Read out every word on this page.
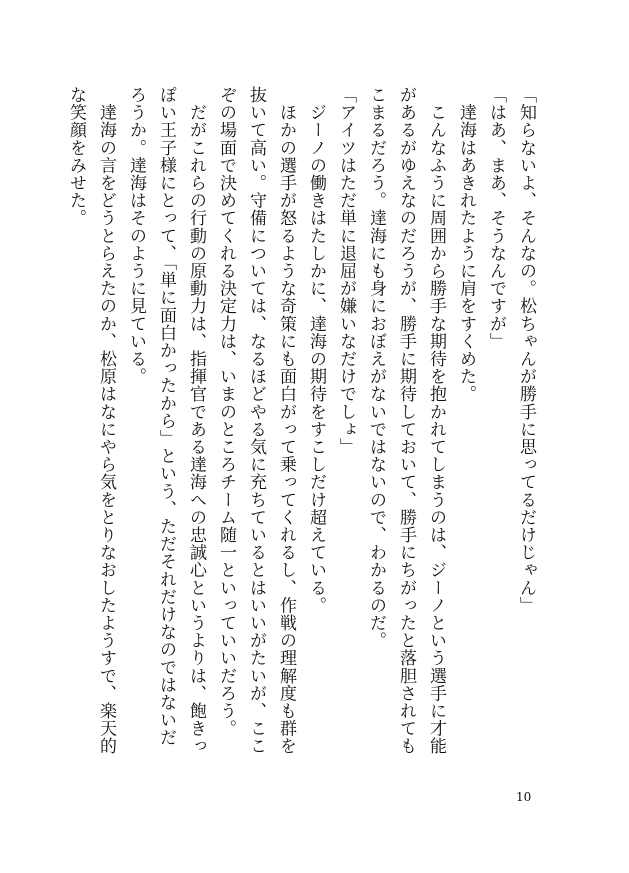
「知らないよ、そんなの。松ちゃんが勝手に思ってるだけじゃん」
「はあ、まあ、そうなんですが」
　達海はあきれたように肩をすくめた。
　こんなふうに周囲から勝手な期待を抱かれてしまうのは、ジーノという選手に才能
があるがゆえなのだろうが、勝手に期待しておいて、勝手にちがったと落胆されても
こまるだろう。達海にも身におぼえがないではないので、わかるのだ。
「アイツはただ単に退屈が嫌いなだけでしょ」
　ジーノの働きはたしかに、達海の期待をすこしだけ超えている。
　ほかの選手が怒るような奇策にも面白がって乗ってくれるし、作戦の理解度も群を
抜いて高い。守備については、なるほどやる気に充ちているとはいいがたいが、ここ
ぞの場面で決めてくれる決定力は、いまのところチーム随一といっていいだろう。
　だがこれらの行動の原動力は、指揮官である達海への忠誠心というよりは、飽きっ
ぽい王子様にとって、「単に面白かったから」という、ただそれだけなのではないだ
ろうか。達海はそのように見ている。
　達海の言をどうとらえたのか、松原はなにやら気をとりなおしたようすで、楽天的
な笑顔をみせた。
10
